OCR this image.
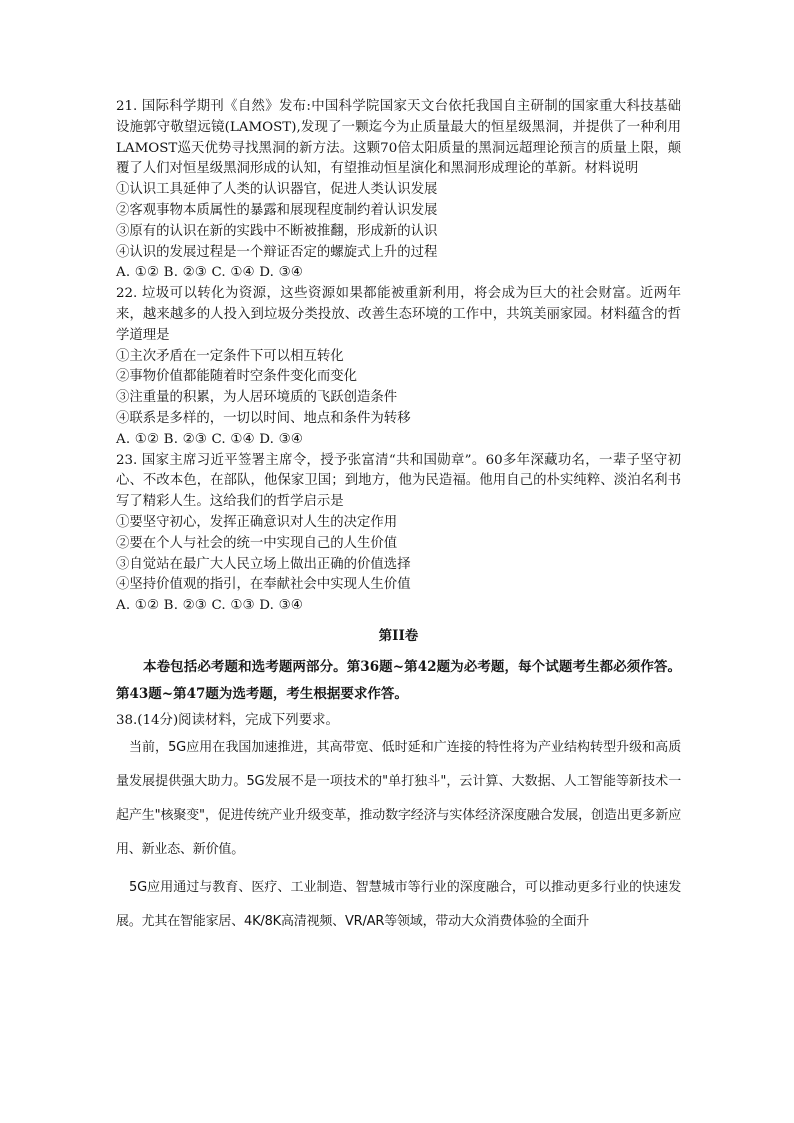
21. 国际科学期刊《自然》发布:中国科学院国家天文台依托我国自主研制的国家重大科技基础设施郭守敬望远镜(LAMOST),发现了一颗迄今为止质量最大的恒星级黑洞，并提供了一种利用LAMOST巡天优势寻找黑洞的新方法。这颗70倍太阳质量的黑洞远超理论预言的质量上限，颠覆了人们对恒星级黑洞形成的认知，有望推动恒星演化和黑洞形成理论的革新。材料说明

①认识工具延伸了人类的认识器官，促进人类认识发展

②客观事物本质属性的暴露和展现程度制约着认识发展

③原有的认识在新的实践中不断被推翻，形成新的认识

④认识的发展过程是一个辩证否定的螺旋式上升的过程

A. ①② B. ②③ C. ①④ D. ③④

22. 垃圾可以转化为资源，这些资源如果都能被重新利用，将会成为巨大的社会财富。近两年来，越来越多的人投入到垃圾分类投放、改善生态环境的工作中，共筑美丽家园。材料蕴含的哲学道理是

①主次矛盾在一定条件下可以相互转化

②事物价值都能随着时空条件变化而变化

③注重量的积累，为人居环境质的飞跃创造条件

④联系是多样的，一切以时间、地点和条件为转移

A. ①② B. ②③ C. ①④ D. ③④

23. 国家主席习近平签署主席令，授予张富清“共和国勋章”。60多年深藏功名，一辈子坚守初心、不改本色，在部队，他保家卫国；到地方，他为民造福。他用自己的朴实纯粹、淡泊名利书写了精彩人生。这给我们的哲学启示是

①要坚守初心，发挥正确意识对人生的决定作用

②要在个人与社会的统一中实现自己的人生价值

③自觉站在最广大人民立场上做出正确的价值选择

④坚持价值观的指引，在奉献社会中实现人生价值

A. ①② B. ②③ C. ①③ D. ③④

第II卷

本卷包括必考题和选考题两部分。第36题~第42题为必考题，每个试题考生都必须作答。第43题~第47题为选考题，考生根据要求作答。

38.(14分)阅读材料，完成下列要求。

当前，5G应用在我国加速推进，其高带宽、低时延和广连接的特性将为产业结构转型升级和高质量发展提供强大助力。5G发展不是一项技术的"单打独斗"，云计算、大数据、人工智能等新技术一起产生"核聚变"，促进传统产业升级变革，推动数字经济与实体经济深度融合发展，创造出更多新应用、新业态、新价值。

5G应用通过与教育、医疗、工业制造、智慧城市等行业的深度融合，可以推动更多行业的快速发展。尤其在智能家居、4K/8K高清视频、VR/AR等领域，带动大众消费体验的全面升
